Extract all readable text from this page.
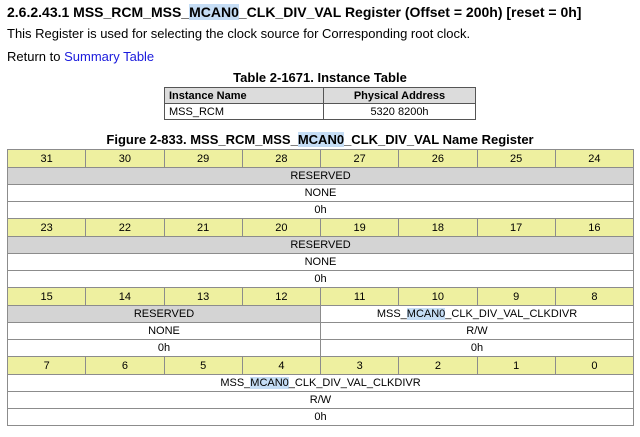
2.6.2.43.1 MSS_RCM_MSS_MCAN0_CLK_DIV_VAL Register (Offset = 200h) [reset = 0h]

This Register is used for selecting the clock source for Corresponding root clock.

Return to Summary Table

Table 2-1671. Instance Table
Instance Name	Physical Address
MSS_RCM	5320 8200h
Figure 2-833. MSS_RCM_MSS_MCAN0_CLK_DIV_VAL Name Register
31	30	29	28	27	26	25	24
RESERVED							
NONE							
0h							
23	22	21	20	19	18	17	16
RESERVED							
NONE							
0h							
15	14	13	12	11	10	9	8
RESERVED				MSS_MCAN0_CLK_DIV_VAL_CLKDIVR			
NONE				R/W			
0h				0h			
7	6	5	4	3	2	1	0
MSS_MCAN0_CLK_DIV_VAL_CLKDIVR							
R/W							
0h							
